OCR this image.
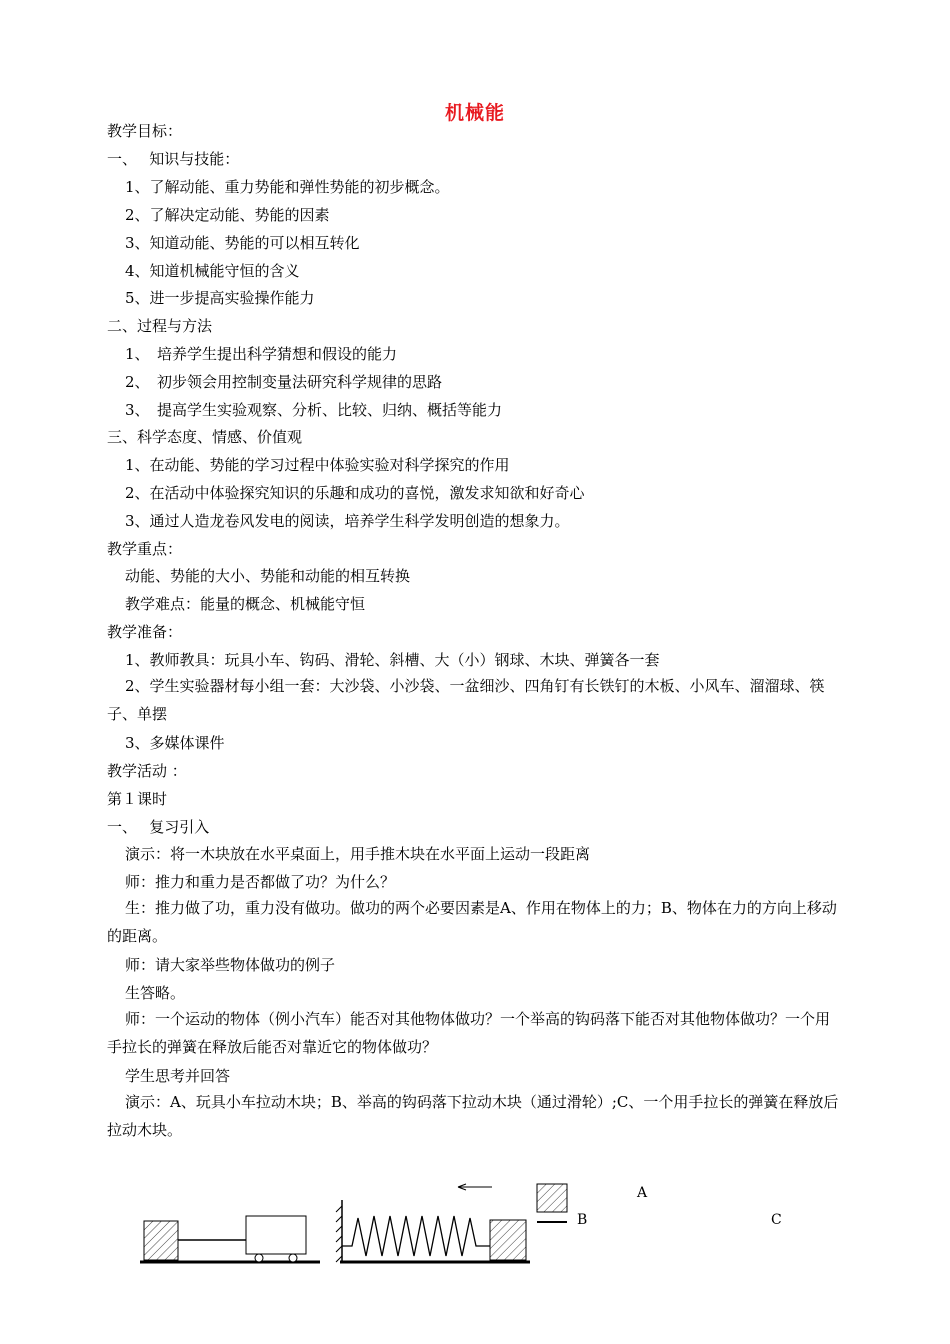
机械能
教学目标：
一、　 知识与技能：
1、了解动能、重力势能和弹性势能的初步概念。
2、了解决定动能、势能的因素
3、知道动能、势能的可以相互转化
4、知道机械能守恒的含义
5、进一步提高实验操作能力
二、过程与方法
1、　培养学生提出科学猜想和假设的能力
2、　初步领会用控制变量法研究科学规律的思路
3、　提高学生实验观察、分析、比较、归纳、概括等能力
三、科学态度、情感、价值观
1、在动能、势能的学习过程中体验实验对科学探究的作用
2、在活动中体验探究知识的乐趣和成功的喜悦，激发求知欲和好奇心
3、通过人造龙卷风发电的阅读，培养学生科学发明创造的想象力。
教学重点：
动能、势能的大小、势能和动能的相互转换
教学难点：能量的概念、机械能守恒
教学准备：
1、教师教具：玩具小车、钩码、滑轮、斜槽、大（小）钢球、木块、弹簧各一套
2、学生实验器材每小组一套：大沙袋、小沙袋、一盆细沙、四角钉有长铁钉的木板、小风车、溜溜球、筷子、单摆
3、多媒体课件
教学活动 ：
第１课时
一、　 复习引入
演示：将一木块放在水平桌面上，用手推木块在水平面上运动一段距离
师：推力和重力是否都做了功？为什么？
生：推力做了功，重力没有做功。做功的两个必要因素是A、作用在物体上的力；B、物体在力的方向上移动的距离。
师：请大家举些物体做功的例子
生答略。
师：一个运动的物体（例小汽车）能否对其他物体做功？一个举高的钩码落下能否对其他物体做功？一个用手拉长的弹簧在释放后能否对靠近它的物体做功？
学生思考并回答
演示：A、玩具小车拉动木块；B、举高的钩码落下拉动木块（通过滑轮）;C、一个用手拉长的弹簧在释放后拉动木块。
A
B	C
